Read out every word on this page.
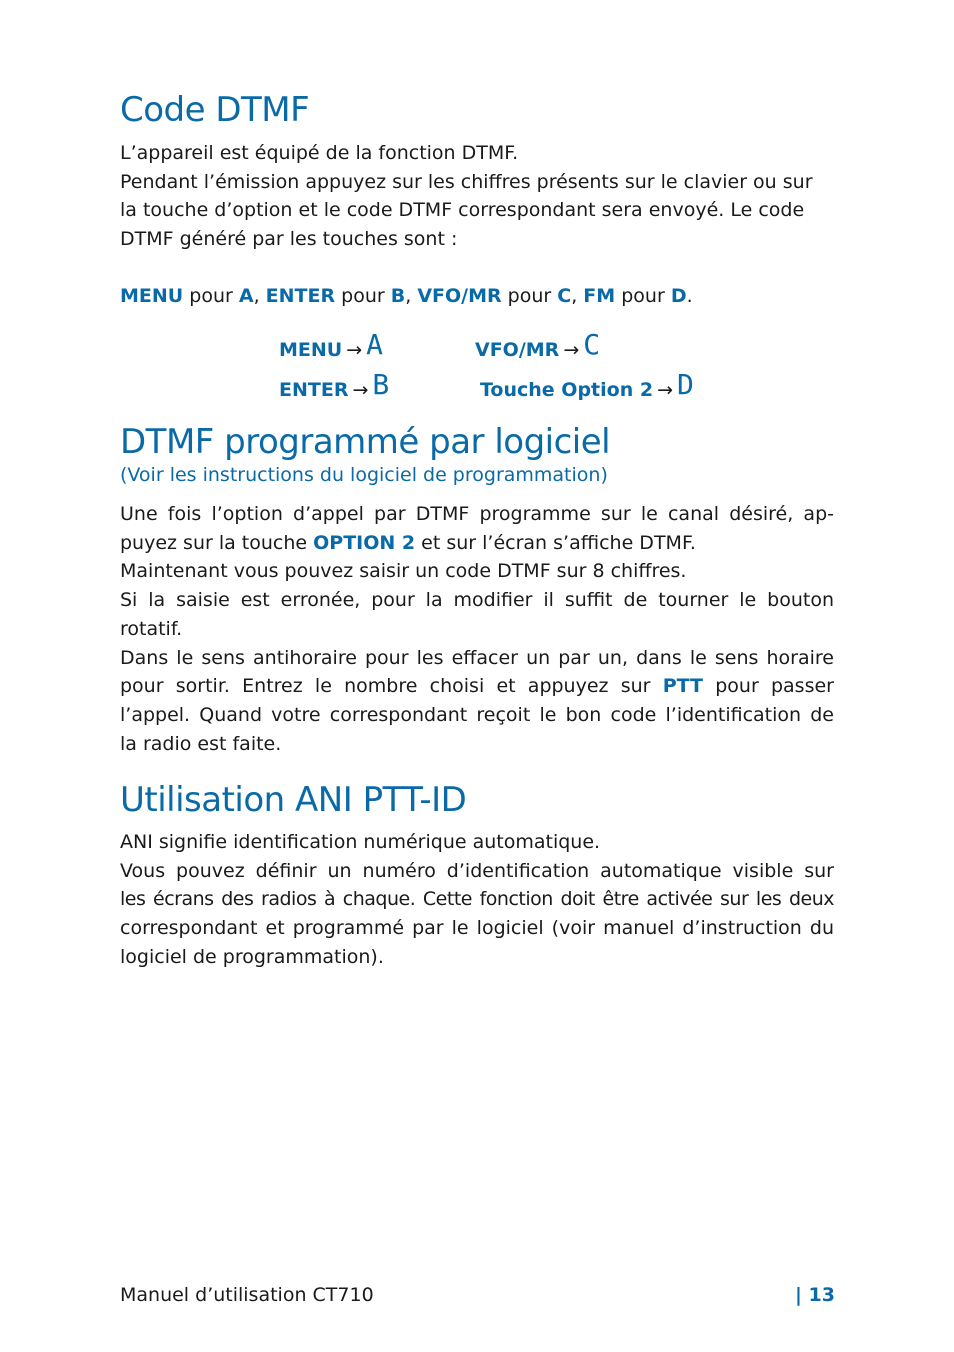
Code DTMF
L’appareil est équipé de la fonction DTMF.
Pendant l’émission appuyez sur les chiffres présents sur le clavier ou sur
la touche d’option et le code DTMF correspondant sera envoyé. Le code
DTMF généré par les touches sont :
MENU pour A, ENTER pour B, VFO/MR pour C, FM pour D.
MENU → A	VFO/MR → C
ENTER → B	Touche Option 2 → D
DTMF programmé par logiciel
(Voir les instructions du logiciel de programmation)
Une fois l’option d’appel par DTMF programme sur le canal désiré, ap-
puyez sur la touche OPTION 2 et sur l’écran s’affiche DTMF.
Maintenant vous pouvez saisir un code DTMF sur 8 chiffres.
Si la saisie est erronée, pour la modifier il suffit de tourner le bouton
rotatif.
Dans le sens antihoraire pour les effacer un par un, dans le sens horaire
pour sortir. Entrez le nombre choisi et appuyez sur PTT pour passer
l’appel. Quand votre correspondant reçoit le bon code l’identification de
la radio est faite.
Utilisation ANI PTT-ID
ANI signifie identification numérique automatique.
Vous pouvez définir un numéro d’identification automatique visible sur
les écrans des radios à chaque. Cette fonction doit être activée sur les deux
correspondant et programmé par le logiciel (voir manuel d’instruction du
logiciel de programmation).
Manuel d’utilisation CT710	| 13
